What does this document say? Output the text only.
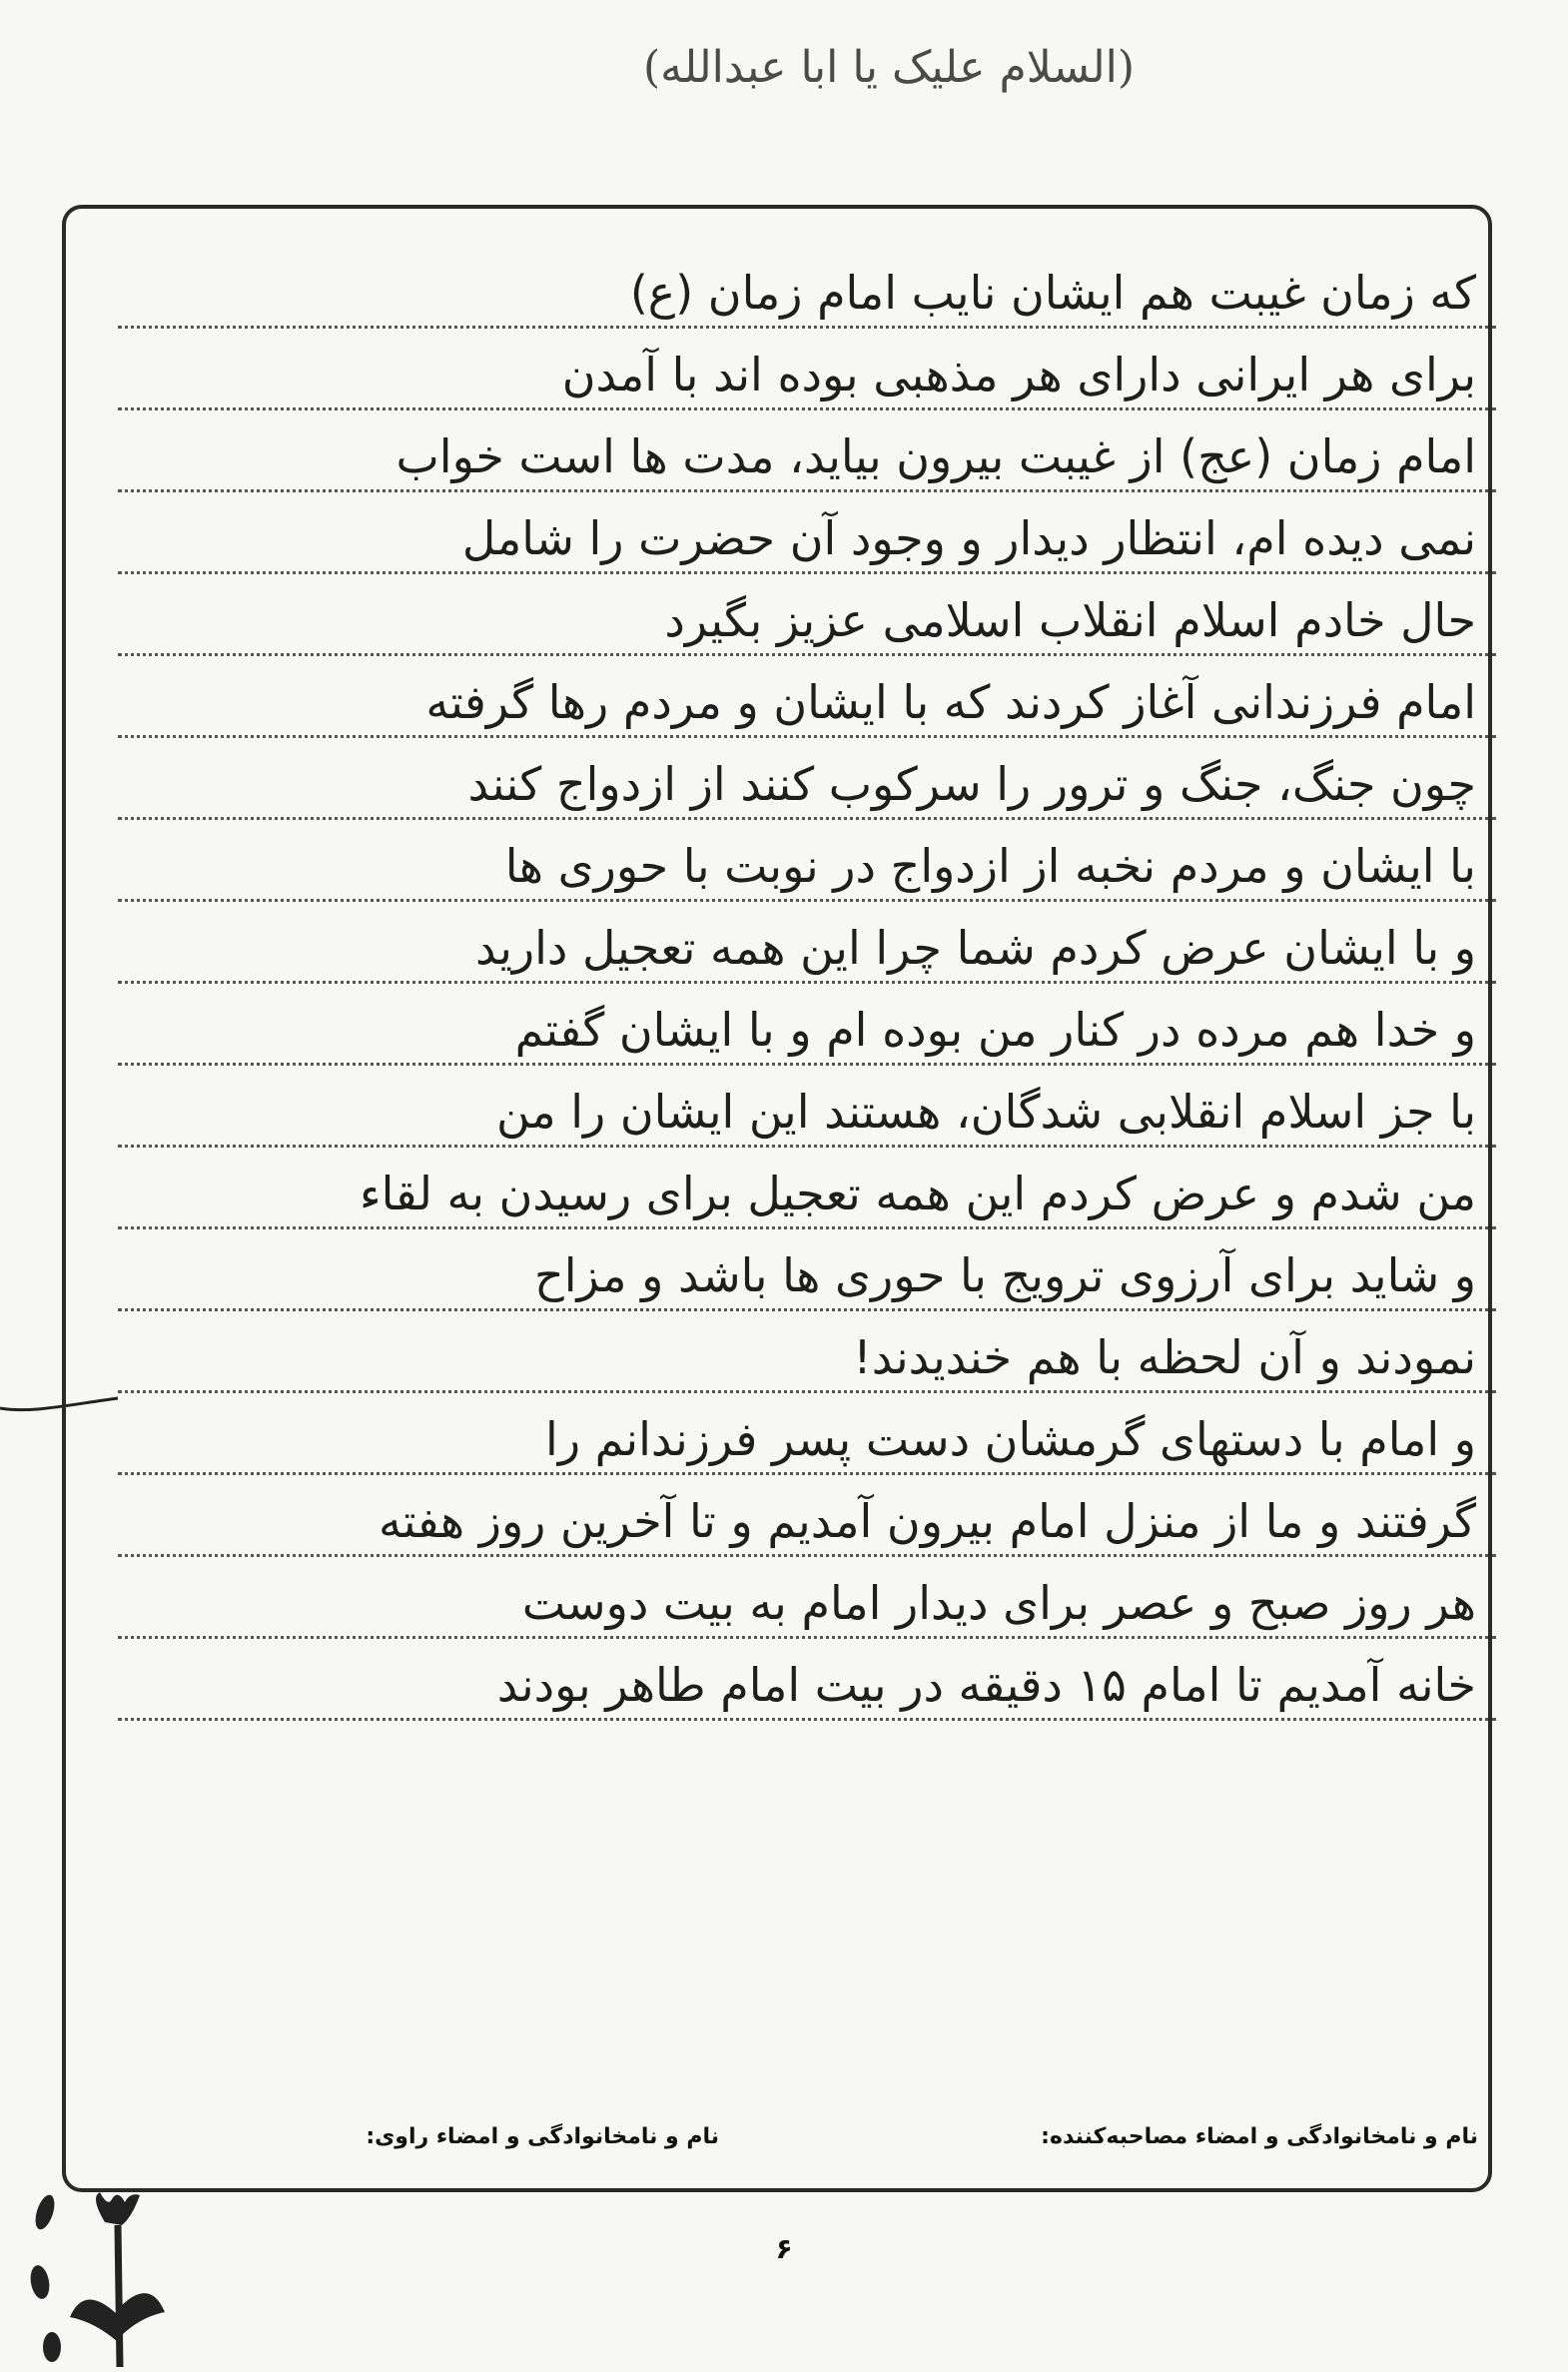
(السلام علیک یا ابا عبدالله)
که زمان غیبت هم ایشان نایب امام زمان (ع)
برای هر ایرانی دارای هر مذهبی بوده اند با آمدن
امام زمان (عج) از غیبت بیرون بیاید، مدت ها است خواب
نمی دیده ام، انتظار دیدار و وجود آن حضرت را شامل
حال خادم اسلام انقلاب اسلامی عزیز بگیرد
امام فرزندانی آغاز کردند که با ایشان و مردم رها گرفته
چون جنگ، جنگ و ترور را سرکوب کنند از ازدواج کنند
با ایشان و مردم نخبه از ازدواج در نوبت با حوری ها
و با ایشان عرض کردم شما چرا این همه تعجیل دارید
و خدا هم مرده در کنار من بوده ام و با ایشان گفتم
با جز اسلام انقلابی شدگان، هستند این ایشان را من
من شدم و عرض کردم این همه تعجیل برای رسیدن به لقاء
و شاید برای آرزوی ترویج با حوری ها باشد و مزاح
نمودند و آن لحظه با هم خندیدند!
و امام با دستهای گرمشان دست پسر فرزندانم را
گرفتند و ما از منزل امام بیرون آمدیم و تا آخرین روز هفته
هر روز صبح و عصر برای دیدار امام به بیت دوست
خانه آمدیم تا امام ۱۵ دقیقه در بیت امام طاهر بودند
نام و نامخانوادگی و امضاء مصاحبه‌کننده:
نام و نامخانوادگی و امضاء راوی:
۶
